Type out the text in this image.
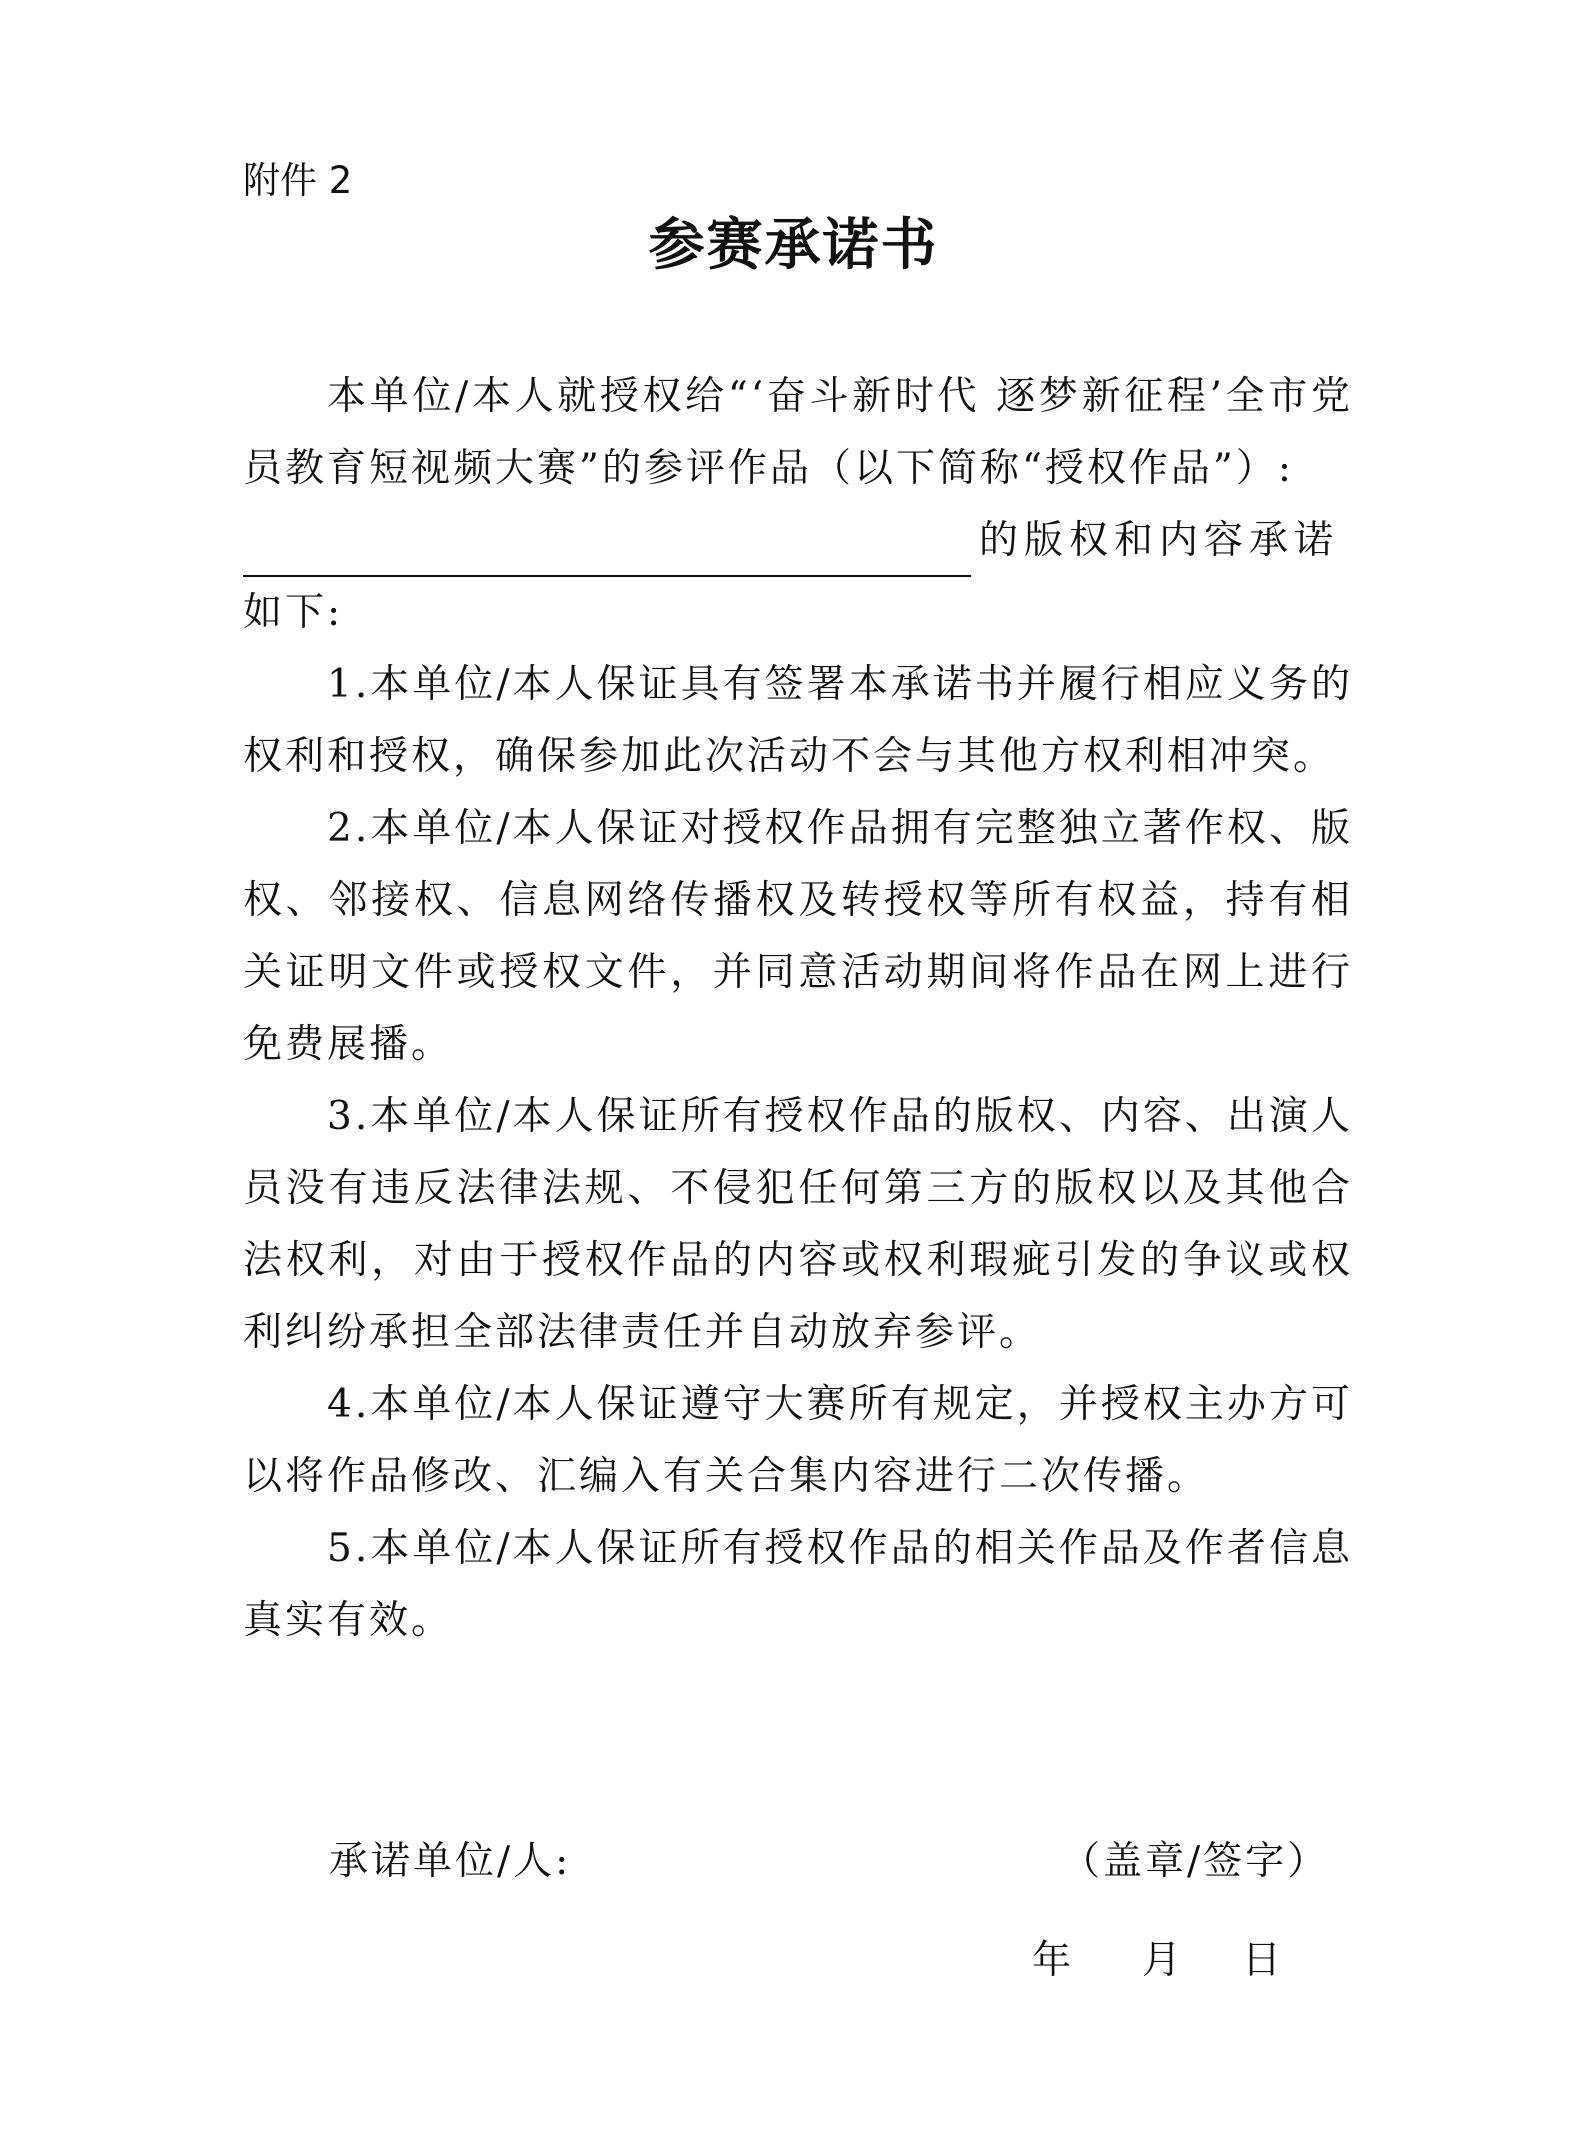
附件 2
参赛承诺书

本单位/本人就授权给“‘奋斗新时代 逐梦新征程’全市党员教育短视频大赛”的参评作品（以下简称“授权作品”）:

的版权和内容承诺

如下:

1.本单位/本人保证具有签署本承诺书并履行相应义务的权利和授权，确保参加此次活动不会与其他方权利相冲突。

2.本单位/本人保证对授权作品拥有完整独立著作权、版权、邻接权、信息网络传播权及转授权等所有权益，持有相关证明文件或授权文件，并同意活动期间将作品在网上进行免费展播。

3.本单位/本人保证所有授权作品的版权、内容、出演人员没有违反法律法规、不侵犯任何第三方的版权以及其他合法权利，对由于授权作品的内容或权利瑕疵引发的争议或权利纠纷承担全部法律责任并自动放弃参评。

4.本单位/本人保证遵守大赛所有规定，并授权主办方可以将作品修改、汇编入有关合集内容进行二次传播。

5.本单位/本人保证所有授权作品的相关作品及作者信息真实有效。

承诺单位/人:	（盖章/签字）
年	月	日
